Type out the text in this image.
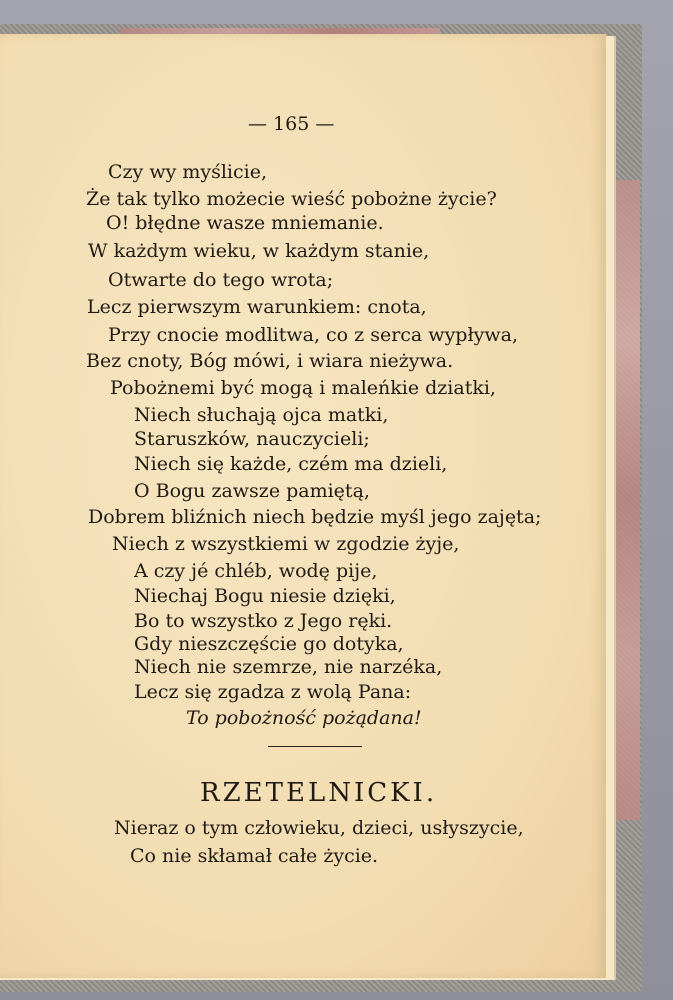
— 165 —
Czy wy myślicie,
Że tak tylko możecie wieść pobożne życie?
O! błędne wasze mniemanie.
W każdym wieku, w każdym stanie,
Otwarte do tego wrota;
Lecz pierwszym warunkiem: cnota,
Przy cnocie modlitwa, co z serca wypływa,
Bez cnoty, Bóg mówi, i wiara nieżywa.
Pobożnemi być mogą i maleńkie dziatki,
Niech słuchają ojca matki,
Staruszków, nauczycieli;
Niech się każde, czém ma dzieli,
O Bogu zawsze pamiętą,
Dobrem bliźnich niech będzie myśl jego zajęta;
Niech z wszystkiemi w zgodzie żyje,
A czy jé chléb, wodę pije,
Niechaj Bogu niesie dzięki,
Bo to wszystko z Jego ręki.
Gdy nieszczęście go dotyka,
Niech nie szemrze, nie narzéka,
Lecz się zgadza z wolą Pana:
To pobożność pożądana!
RZETELNICKI.
Nieraz o tym człowieku, dzieci, usłyszycie,
Co nie skłamał całe życie.
